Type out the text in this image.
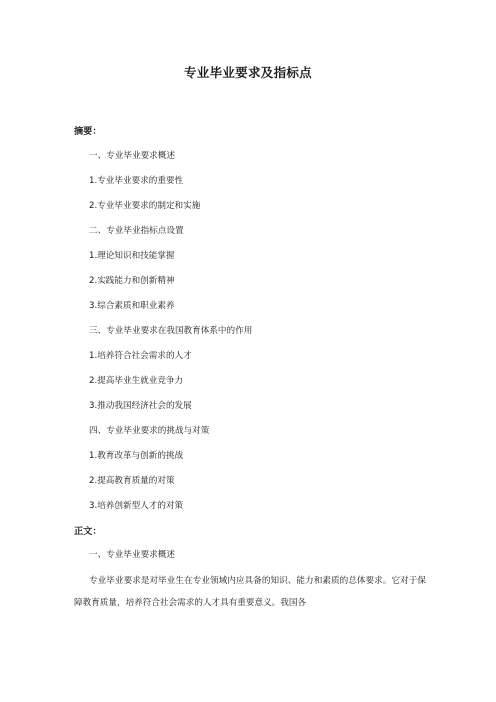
专业毕业要求及指标点
摘要：
一、专业毕业要求概述
1.专业毕业要求的重要性
2.专业毕业要求的制定和实施
二、专业毕业指标点设置
1.理论知识和技能掌握
2.实践能力和创新精神
3.综合素质和职业素养
三、专业毕业要求在我国教育体系中的作用
1.培养符合社会需求的人才
2.提高毕业生就业竞争力
3.推动我国经济社会的发展
四、专业毕业要求的挑战与对策
1.教育改革与创新的挑战
2.提高教育质量的对策
3.培养创新型人才的对策
正文：
一、专业毕业要求概述
专业毕业要求是对毕业生在专业领域内应具备的知识、能力和素质的总体要求。它对于保障教育质量，培养符合社会需求的人才具有重要意义。我国各
